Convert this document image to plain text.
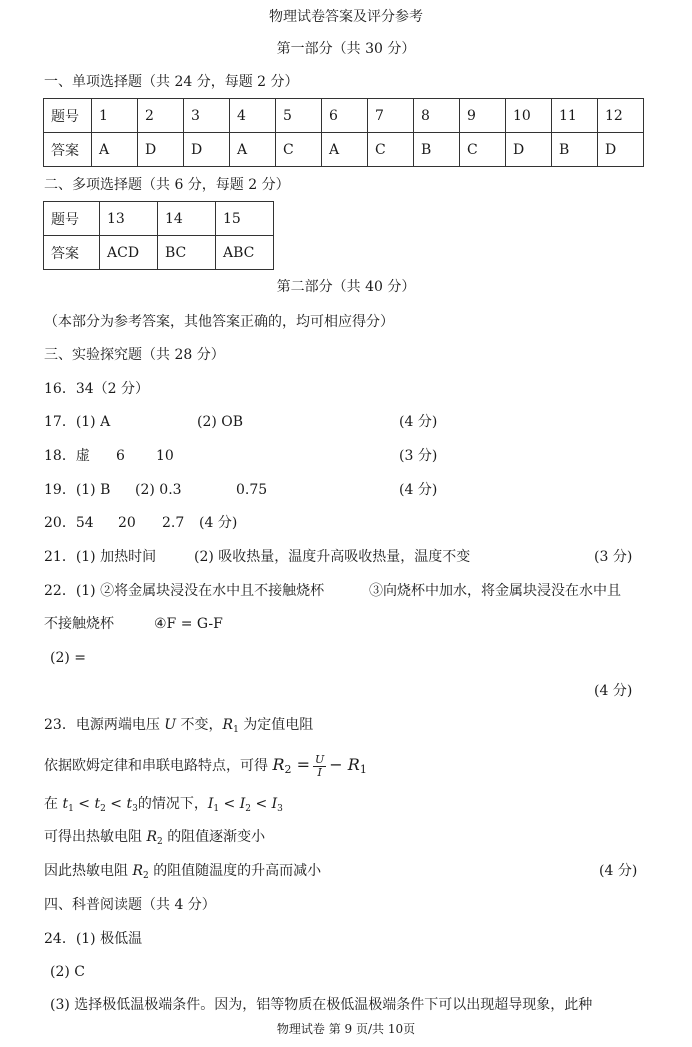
物理试卷答案及评分参考
第一部分（共 30 分）
一、单项选择题（共 24 分，每题 2 分）
题号	1	2	3	4	5	6	7	8	9	10	11	12
答案	A	D	D	A	C	A	C	B	C	D	B	D
二、多项选择题（共 6 分，每题 2 分）
题号	13	14	15
答案	ACD	BC	ABC
第二部分（共 40 分）
（本部分为参考答案，其他答案正确的，均可相应得分）
三、实验探究题（共 28 分）
16．34（2 分）
17．(1) A	(2) OB	(4 分)
18．虚 6 10	(3 分)
19．(1) B (2) 0.3	0.75	(4 分)
20．54 20 2.7 (4 分)
21．(1) 加热时间	(2) 吸收热量，温度升高吸收热量，温度不变	(3 分)
22．(1) ②将金属块浸没在水中且不接触烧杯	③向烧杯中加水，将金属块浸没在水中且
不接触烧杯	④F = G-F
(2) =
(4 分)
23．电源两端电压 U 不变，$R_1$ 为定值电阻
依据欧姆定律和串联电路特点，可得 $R_2 = \frac{U}{I} - R_1$
在 $t_1 < t_2 < t_3$的情况下，$I_1 < I_2 < I_3$
可得出热敏电阻 $R_2$ 的阻值逐渐变小
因此热敏电阻 $R_2$ 的阻值随温度的升高而减小	(4 分)
四、科普阅读题（共 4 分）
24．(1) 极低温
(2) C
(3) 选择极低温极端条件。因为，铝等物质在极低温极端条件下可以出现超导现象，此种
物理试卷 第 9 页/共 10页
